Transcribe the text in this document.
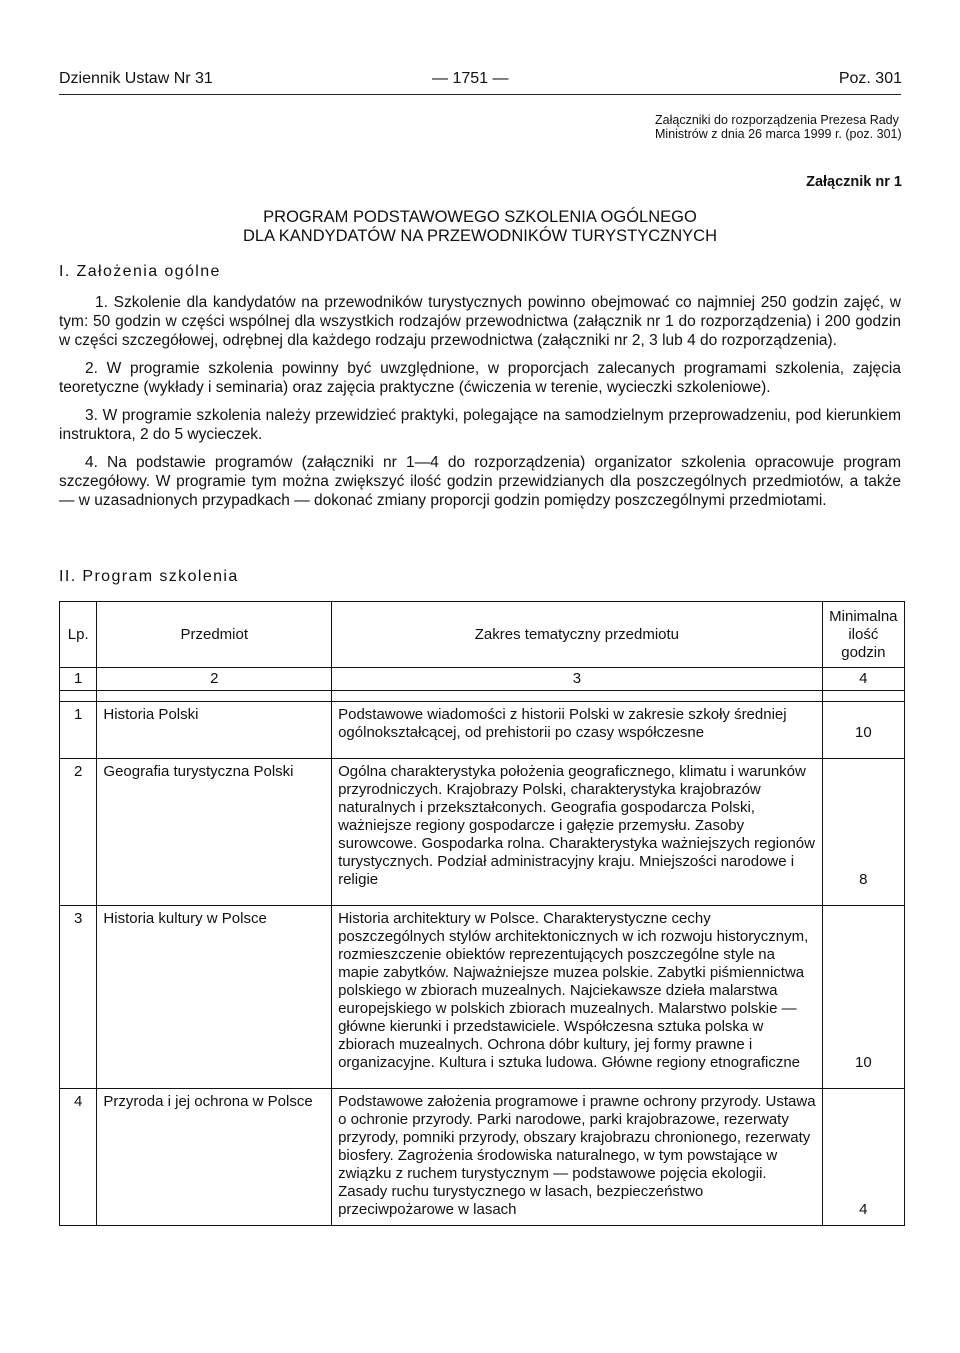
Dziennik Ustaw Nr 31	— 1751 —	Poz. 301
Załączniki do rozporządzenia Prezesa Rady Ministrów z dnia 26 marca 1999 r. (poz. 301)
Załącznik nr 1
PROGRAM PODSTAWOWEGO SZKOLENIA OGÓLNEGO
DLA KANDYDATÓW NA PRZEWODNIKÓW TURYSTYCZNYCH
I. Założenia ogólne

1. Szkolenie dla kandydatów na przewodników turystycznych powinno obejmować co najmniej 250 godzin zajęć, w tym: 50 godzin w części wspólnej dla wszystkich rodzajów przewodnictwa (załącznik nr 1 do rozporządzenia) i 200 godzin w części szczegółowej, odrębnej dla każdego rodzaju przewodnictwa (załączniki nr 2, 3 lub 4 do rozporządzenia).

2. W programie szkolenia powinny być uwzględnione, w proporcjach zalecanych programami szkolenia, zajęcia teoretyczne (wykłady i seminaria) oraz zajęcia praktyczne (ćwiczenia w terenie, wycieczki szkoleniowe).

3. W programie szkolenia należy przewidzieć praktyki, polegające na samodzielnym przeprowadzeniu, pod kierunkiem instruktora, 2 do 5 wycieczek.

4. Na podstawie programów (załączniki nr 1—4 do rozporządzenia) organizator szkolenia opracowuje program szczegółowy. W programie tym można zwiększyć ilość godzin przewidzianych dla poszczególnych przedmiotów, a także — w uzasadnionych przypadkach — dokonać zmiany proporcji godzin pomiędzy poszczególnymi przedmiotami.

II. Program szkolenia
Lp.	Przedmiot	Zakres tematyczny przedmiotu	Minimalna ilość godzin
1	2	3	4

1	Historia Polski	Podstawowe wiadomości z historii Polski w zakresie szkoły średniej ogólnokształcącej, od prehistorii po czasy współczesne	10

2	Geografia turystyczna Polski	Ogólna charakterystyka położenia geograficznego, klimatu i warunków przyrodniczych. Krajobrazy Polski, charakterystyka krajobrazów naturalnych i przekształconych. Geografia gospodarcza Polski, ważniejsze regiony gospodarcze i gałęzie przemysłu. Zasoby surowcowe. Gospodarka rolna. Charakterystyka ważniejszych regionów turystycznych. Podział administracyjny kraju. Mniejszości narodowe i religie	8

3	Historia kultury w Polsce	Historia architektury w Polsce. Charakterystyczne cechy poszczególnych stylów architektonicznych w ich rozwoju historycznym, rozmieszczenie obiektów reprezentujących poszczególne style na mapie zabytków. Najważniejsze muzea polskie. Zabytki piśmiennictwa polskiego w zbiorach muzealnych. Najciekawsze dzieła malarstwa europejskiego w polskich zbiorach muzealnych. Malarstwo polskie — główne kierunki i przedstawiciele. Współczesna sztuka polska w zbiorach muzealnych. Ochrona dóbr kultury, jej formy prawne i organizacyjne. Kultura i sztuka ludowa. Główne regiony etnograficzne	10

4	Przyroda i jej ochrona w Polsce	Podstawowe założenia programowe i prawne ochrony przyrody. Ustawa o ochronie przyrody. Parki narodowe, parki krajobrazowe, rezerwaty przyrody, pomniki przyrody, obszary krajobrazu chronionego, rezerwaty biosfery. Zagrożenia środowiska naturalnego, w tym powstające w związku z ruchem turystycznym — podstawowe pojęcia ekologii. Zasady ruchu turystycznego w lasach, bezpieczeństwo przeciwpożarowe w lasach	4
